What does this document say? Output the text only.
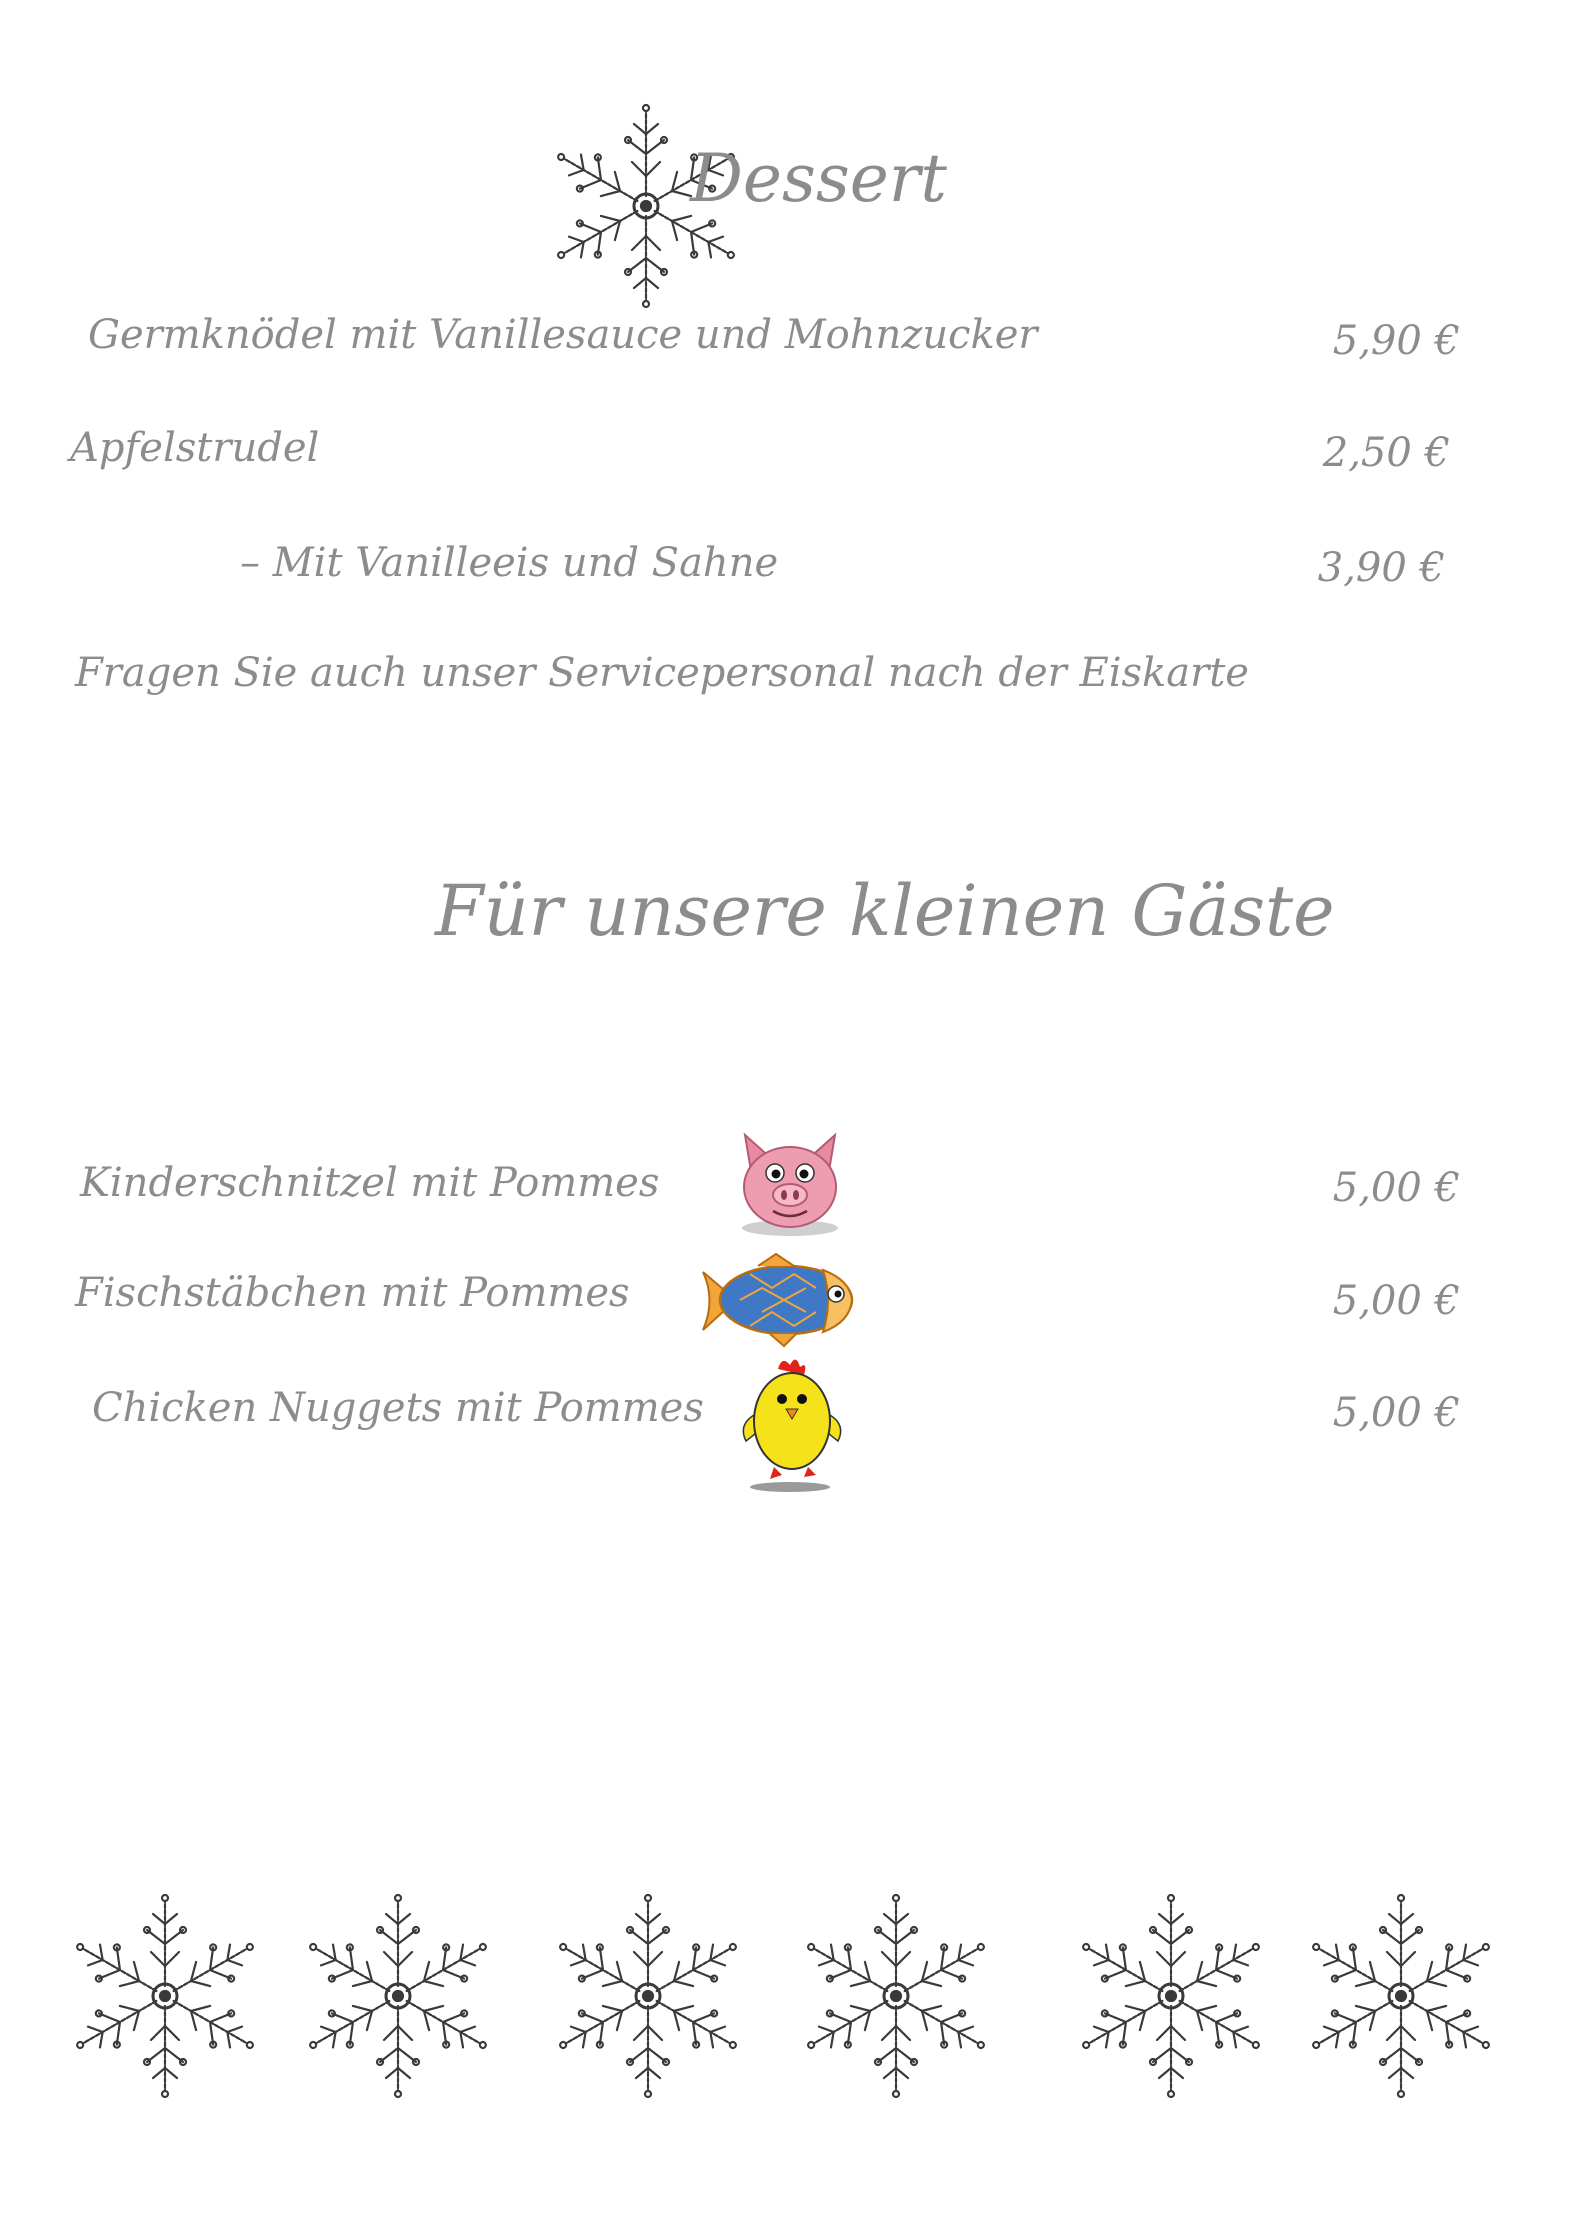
Dessert
Germknödel mit Vanillesauce und Mohnzucker	5,90 €
Apfelstrudel	2,50 €
– Mit Vanilleeis und Sahne	3,90 €
Fragen Sie auch unser Servicepersonal nach der Eiskarte
Für unsere kleinen Gäste
Kinderschnitzel mit Pommes	5,00 €
Fischstäbchen mit Pommes	5,00 €
Chicken Nuggets mit Pommes	5,00 €
